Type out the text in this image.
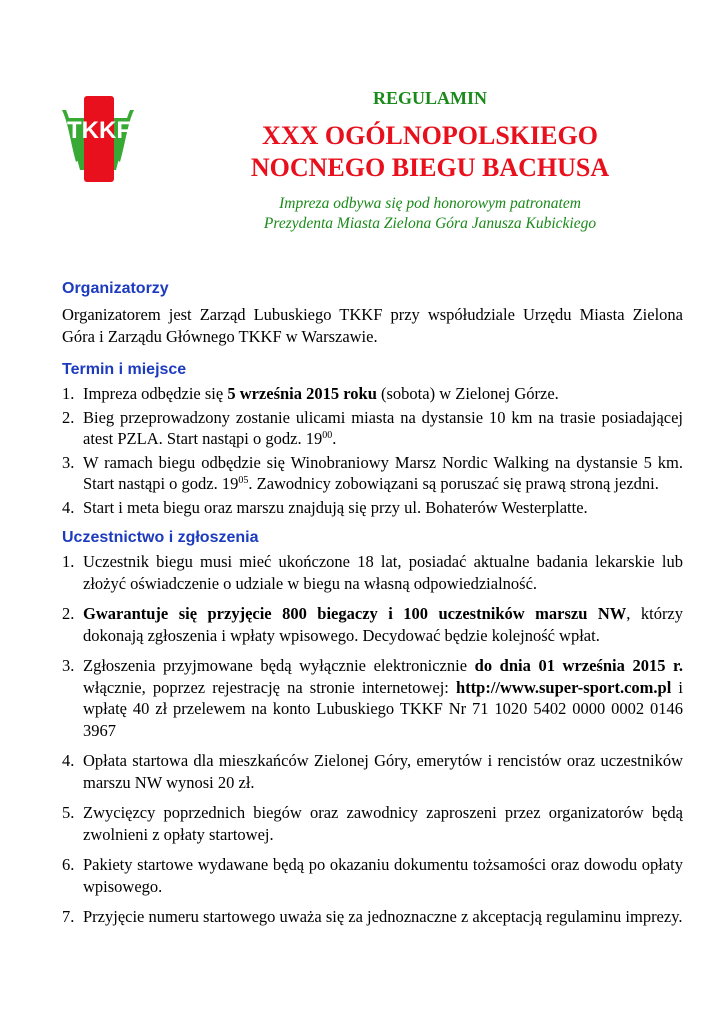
TKKF
REGULAMIN
XXX OGÓLNOPOLSKIEGO
NOCNEGO BIEGU BACHUSA
Impreza odbywa się pod honorowym patronatem
Prezydenta Miasta Zielona Góra Janusza Kubickiego
Organizatorzy

Organizatorem jest Zarząd Lubuskiego TKKF przy współudziale Urzędu Miasta Zielona Góra i Zarządu Głównego TKKF w Warszawie.

Termin i miejsce
1. Impreza odbędzie się 5 września 2015 roku (sobota) w Zielonej Górze.
2. Bieg przeprowadzony zostanie ulicami miasta na dystansie 10 km na trasie posiadającej atest PZLA. Start nastąpi o godz. $19^{00}$.
3. W ramach biegu odbędzie się Winobraniowy Marsz Nordic Walking na dystansie 5 km. Start nastąpi o godz. $19^{05}$. Zawodnicy zobowiązani są poruszać się prawą stroną jezdni.
4. Start i meta biegu oraz marszu znajdują się przy ul. Bohaterów Westerplatte.
Uczestnictwo i zgłoszenia
1. Uczestnik biegu musi mieć ukończone 18 lat, posiadać aktualne badania lekarskie lub złożyć oświadczenie o udziale w biegu na własną odpowiedzialność.
2. Gwarantuje się przyjęcie 800 biegaczy i 100 uczestników marszu NW, którzy dokonają zgłoszenia i wpłaty wpisowego. Decydować będzie kolejność wpłat.
3. Zgłoszenia przyjmowane będą wyłącznie elektronicznie do dnia 01 września 2015 r. włącznie, poprzez rejestrację na stronie internetowej: http://www.super-sport.com.pl i wpłatę 40 zł przelewem na konto Lubuskiego TKKF Nr 71 1020 5402 0000 0002 0146 3967
4. Opłata startowa dla mieszkańców Zielonej Góry, emerytów i rencistów oraz uczestników marszu NW wynosi 20 zł.
5. Zwycięzcy poprzednich biegów oraz zawodnicy zaproszeni przez organizatorów będą zwolnieni z opłaty startowej.
6. Pakiety startowe wydawane będą po okazaniu dokumentu tożsamości oraz dowodu opłaty wpisowego.
7. Przyjęcie numeru startowego uważa się za jednoznaczne z akceptacją regulaminu imprezy.
